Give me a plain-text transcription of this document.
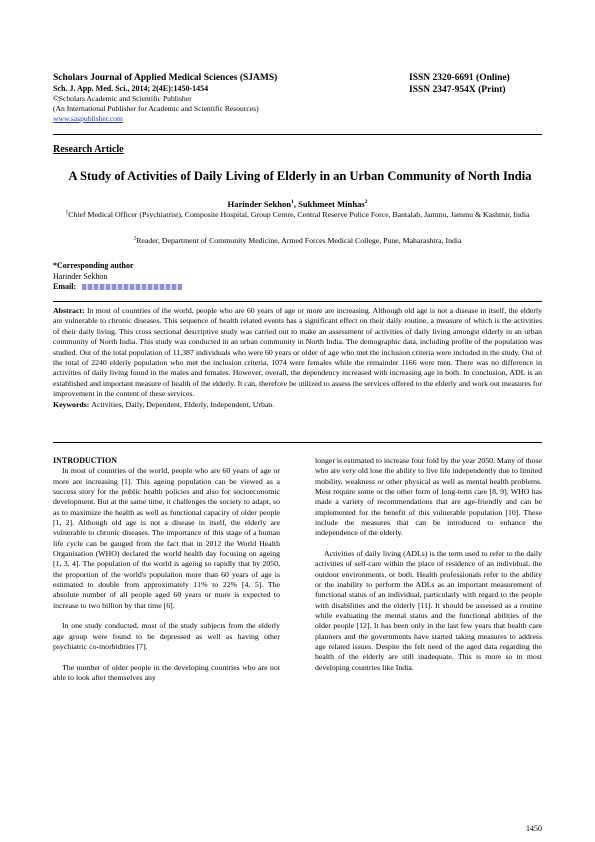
Scholars Journal of Applied Medical Sciences (SJAMS)
Sch. J. App. Med. Sci., 2014; 2(4E):1450-1454
©Scholars Academic and Scientific Publisher
(An International Publisher for Academic and Scientific Resources)
www.saspublisher.com
ISSN 2320-6691 (Online)
ISSN 2347-954X (Print)
Research Article
A Study of Activities of Daily Living of Elderly in an Urban Community of North India
Harinder Sekhon$^1$, Sukhmeet Minhas$^2$
$^1$Chief Medical Officer (Psychiatrist), Composite Hospital, Group Centre, Central Reserve Police Force, Bantalab, Jammu, Jammu & Kashmir, India
$^2$Reader, Department of Community Medicine, Armed Forces Medical College, Pune, Maharashtra, India
*Corresponding author
Harinder Sekhon
Email:
Abstract: In most of countries of the world, people who are 60 years of age or more are increasing. Although old age is not a disease in itself, the elderly are vulnerable to chronic diseases. This sequence of health related events has a significant effect on their daily routine, a measure of which is the activities of their daily living. This cross sectional descriptive study was carried out to make an assessment of activities of daily living amongst elderly in an urban community of North India. This study was conducted in an urban community in North India. The demographic data, including profile of the population was studied. Out of the total population of 11,387 individuals who were 60 years or older of age who met the inclusion criteria were included in the study. Out of the total of 2240 elderly population who met the inclusion criteria, 1074 were females while the remainder 1166 were men. There was no difference in activities of daily living found in the males and females. However, overall, the dependency increased with increasing age in both. In conclusion, ADL is an established and important measure of health of the elderly. It can, therefore be utilized to assess the services offered to the elderly and work out measures for improvement in the content of these services.
Keywords: Activities, Daily, Dependent, Elderly, Independent, Urban.

INTRODUCTION

In most of countries of the world, people who are 60 years of age or more are increasing [1]. This ageing population can be viewed as a success story for the public health policies and also for socioeconomic development. But at the same time, it challenges the society to adapt, so as to maximize the health as well as functional capacity of older people [1, 2]. Although old age is not a disease in itself, the elderly are vulnerable to chronic diseases. The importance of this stage of a human life cycle can be gauged from the fact that in 2012 the World Health Organisation (WHO) declared the world health day focusing on ageing [1, 3, 4]. The population of the world is ageing so rapidly that by 2050, the proportion of the world's population more than 60 years of age is estimated to double from approximately 11% to 22% [4, 5]. The absolute number of all people aged 60 years or more is expected to increase to two billion by that time [6].

In one study conducted, most of the study subjects from the elderly age group were found to be depressed as well as having other psychiatric co-morbidities [7].

The number of older people in the developing countries who are not able to look after themselves any

longer is estimated to increase four fold by the year 2050. Many of those who are very old lose the ability to live life independently due to limited mobility, weakness or other physical as well as mental health problems. Most require some or the other form of long-term care [8, 9]. WHO has made a variety of recommendations that are age-friendly and can be implemented for the benefit of this vulnerable population [10]. These include the measures that can be introduced to enhance the independence of the elderly.

Activities of daily living (ADLs) is the term used to refer to the daily activities of self-care within the place of residence of an individual, the outdoor environments, or both. Health professionals refer to the ability or the inability to perform the ADLs as an important measurement of functional status of an individual, particularly with regard to the people with disabilities and the elderly [11]. It should be assessed as a routine while evaluating the mental status and the functional abilities of the older people [12]. It has been only in the last few years that health care planners and the governments have started taking measures to address age related issues. Despite the felt need of the aged data regarding the health of the elderly are still inadequate. This is more so in most developing countries like India.

1450
